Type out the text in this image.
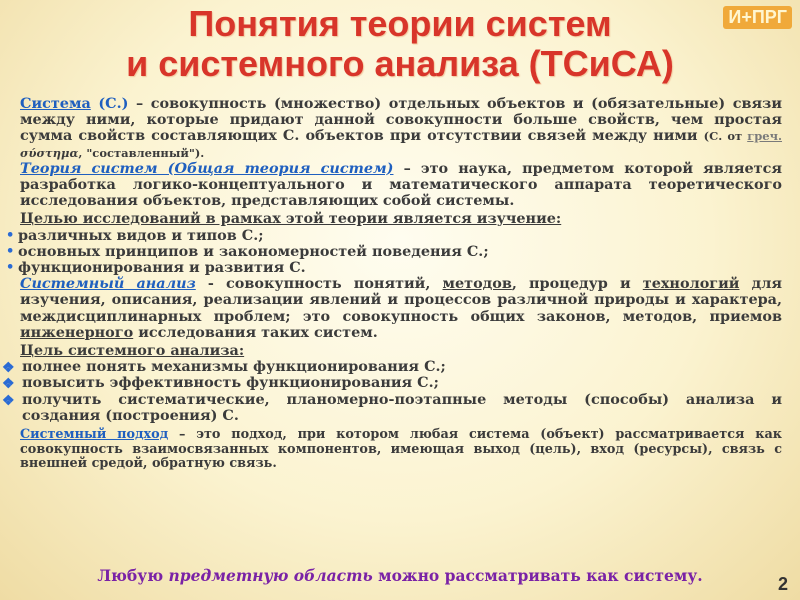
Понятия теории систем
и системного анализа (ТСиСА)
И+ПРГ

Система (С.) – совокупность (множество) отдельных объектов и (обязательные) связи между ними, которые придают данной совокупности больше свойств, чем простая сумма свойств составляющих С. объектов при отсутствии связей между ними (С. от греч. σύστημα, "составленный").

Теория систем (Общая теория систем) – это наука, предметом которой является разработка логико-концептуального и математического аппарата теоретического исследования объектов, представляющих собой системы.

Целью исследований в рамках этой теории является изучение:

• различных видов и типов С.;
• основных принципов и закономерностей поведения С.;
• функционирования и развития С.

Системный анализ - совокупность понятий, методов, процедур и технологий для изучения, описания, реализации явлений и процессов различной природы и характера, междисциплинарных проблем; это совокупность общих законов, методов, приемов инженерного исследования таких систем.

Цель системного анализа:

❖ полнее понять механизмы функционирования С.;
❖ повысить эффективность функционирования С.;
❖ получить систематические, планомерно-поэтапные методы (способы) анализа и создания (построения) С.

Системный подход – это подход, при котором любая система (объект) рассматривается как совокупность взаимосвязанных компонентов, имеющая выход (цель), вход (ресурсы), связь с внешней средой, обратную связь.

Любую предметную область можно рассматривать как систему.	2
